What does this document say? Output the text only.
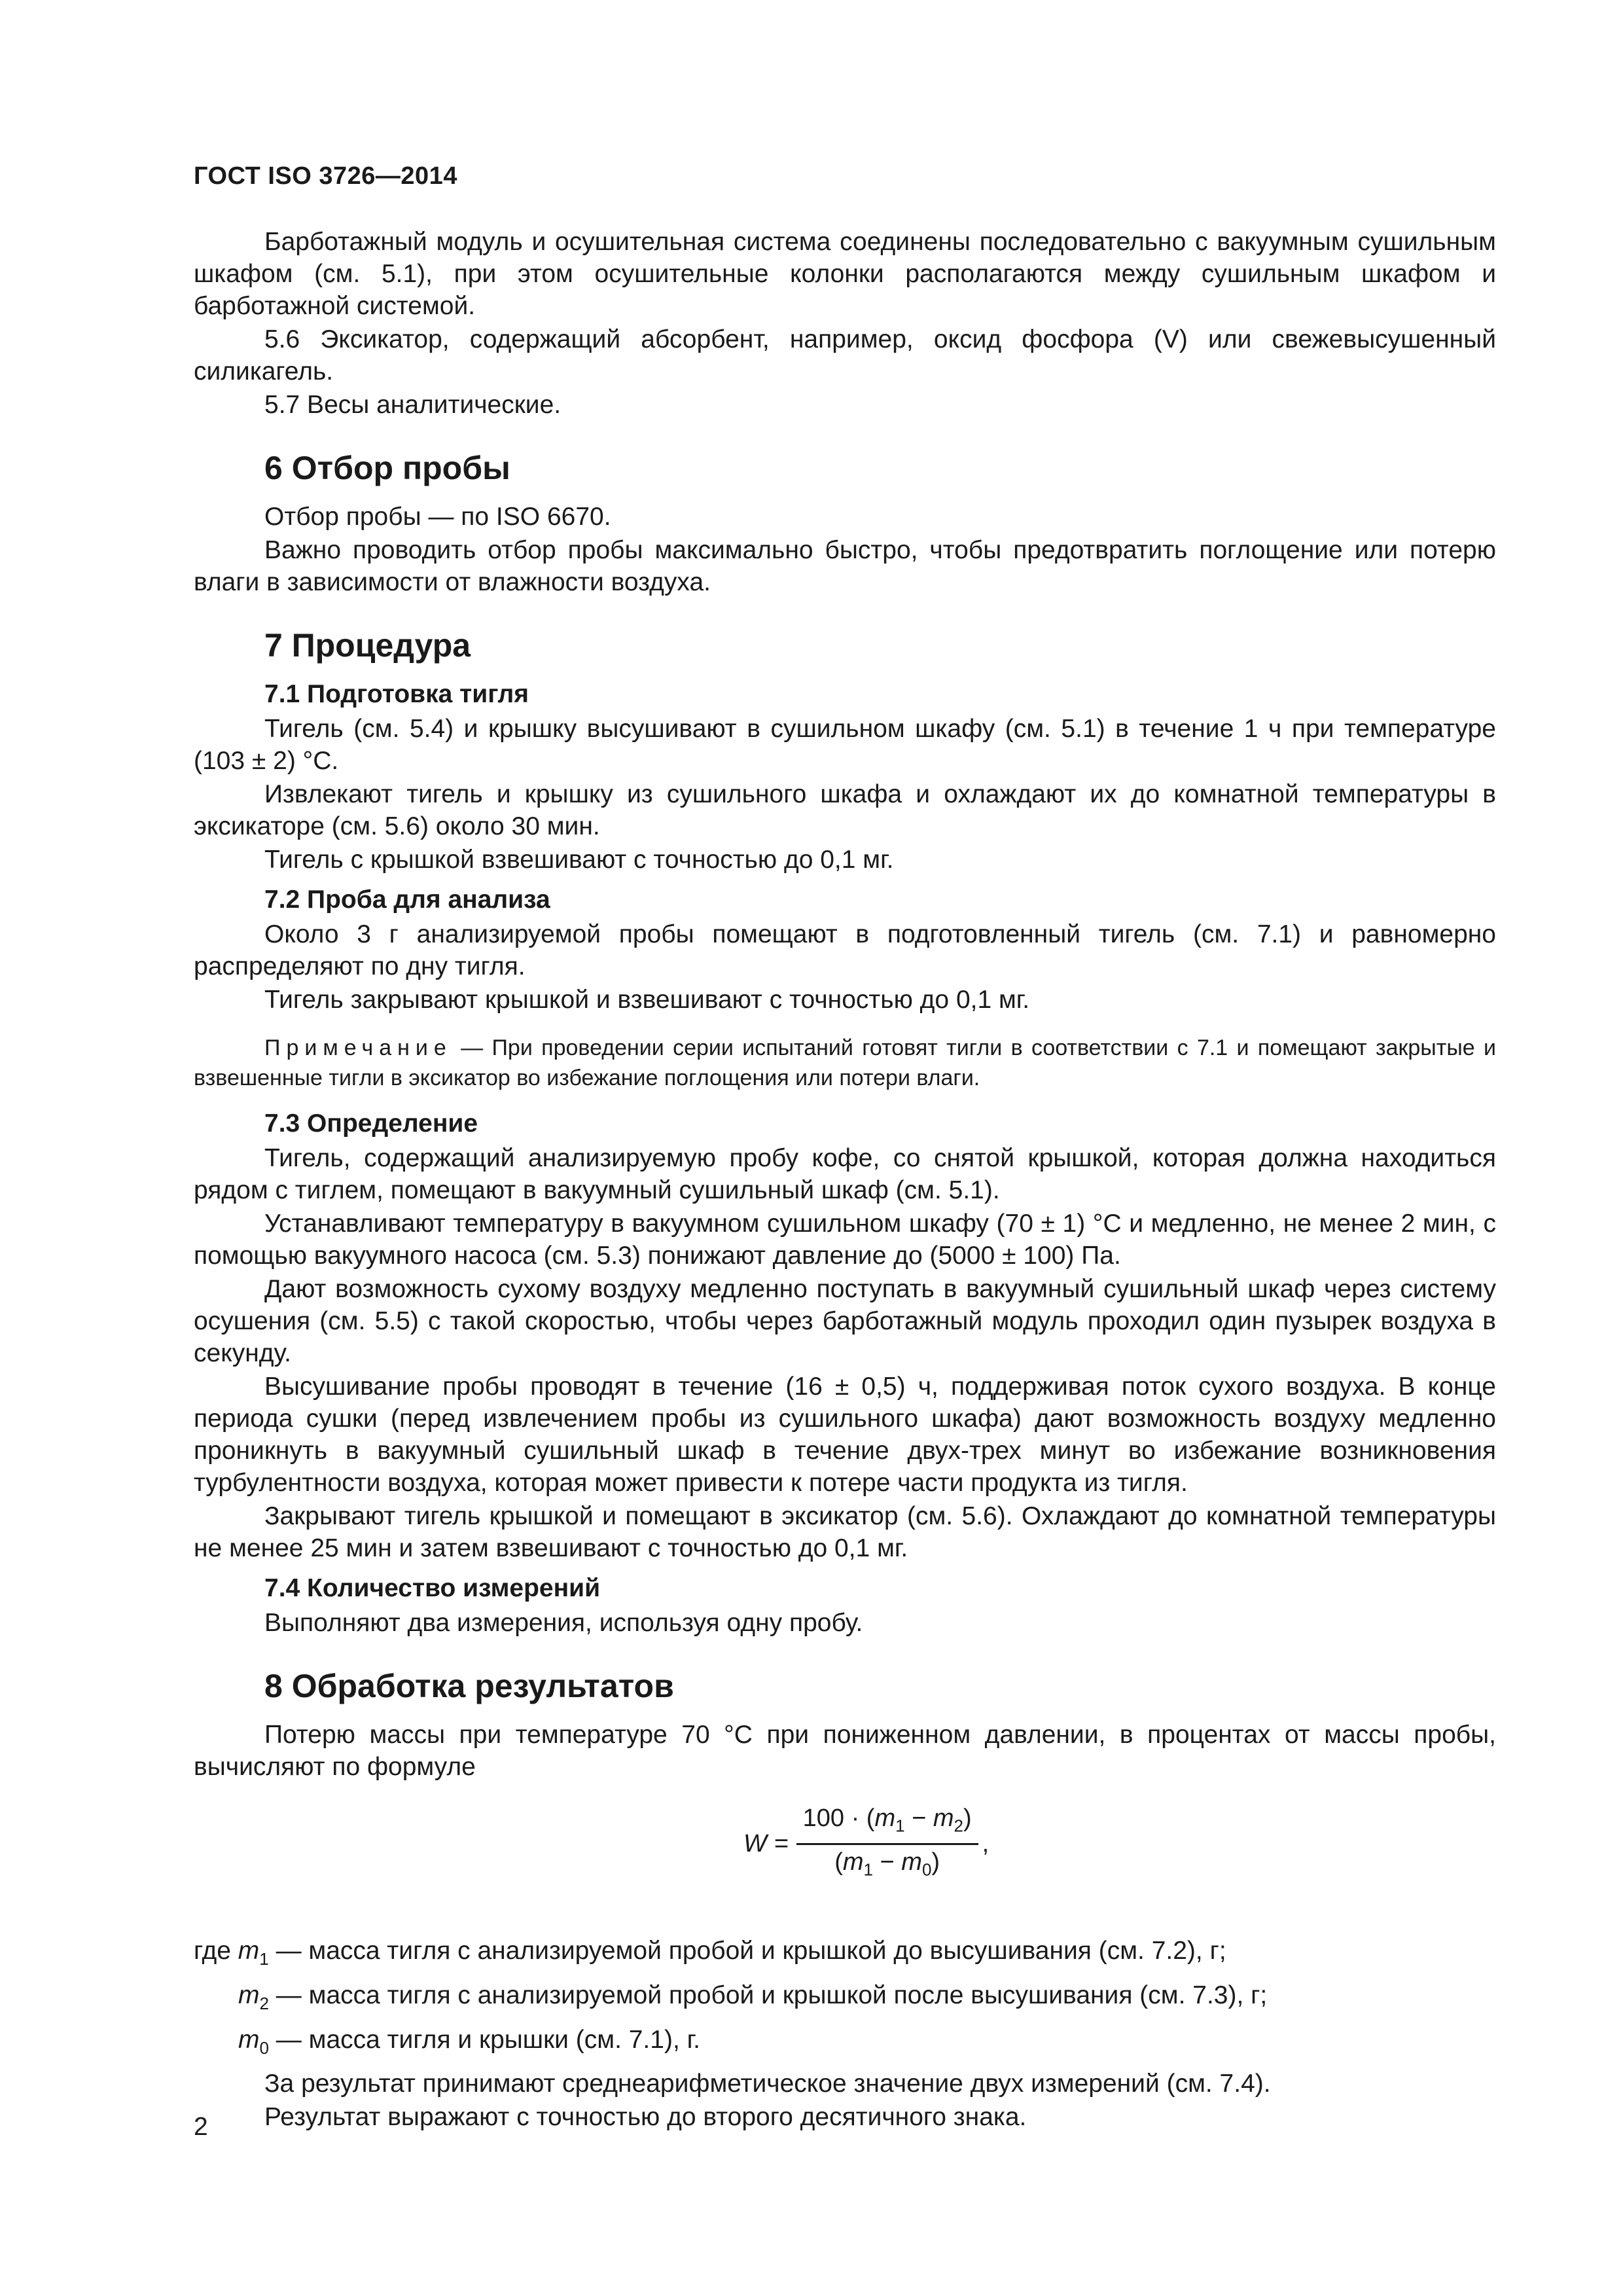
ГОСТ ISO 3726—2014

Барботажный модуль и осушительная система соединены последовательно с вакуумным сушильным шкафом (см. 5.1), при этом осушительные колонки располагаются между сушильным шкафом и барботажной системой.

5.6 Эксикатор, содержащий абсорбент, например, оксид фосфора (V) или свежевысушенный силикагель.

5.7 Весы аналитические.

6 Отбор пробы

Отбор пробы — по ISO 6670.

Важно проводить отбор пробы максимально быстро, чтобы предотвратить поглощение или потерю влаги в зависимости от влажности воздуха.

7 Процедура
7.1 Подготовка тигля

Тигель (см. 5.4) и крышку высушивают в сушильном шкафу (см. 5.1) в течение 1 ч при температуре (103 ± 2) °С.

Извлекают тигель и крышку из сушильного шкафа и охлаждают их до комнатной температуры в эксикаторе (см. 5.6) около 30 мин.

Тигель с крышкой взвешивают с точностью до 0,1 мг.

7.2 Проба для анализа

Около 3 г анализируемой пробы помещают в подготовленный тигель (см. 7.1) и равномерно распределяют по дну тигля.

Тигель закрывают крышкой и взвешивают с точностью до 0,1 мг.

Примечание — При проведении серии испытаний готовят тигли в соответствии с 7.1 и помещают закрытые и взвешенные тигли в эксикатор во избежание поглощения или потери влаги.

7.3 Определение

Тигель, содержащий анализируемую пробу кофе, со снятой крышкой, которая должна находиться рядом с тиглем, помещают в вакуумный сушильный шкаф (см. 5.1).

Устанавливают температуру в вакуумном сушильном шкафу (70 ± 1) °С и медленно, не менее 2 мин, с помощью вакуумного насоса (см. 5.3) понижают давление до (5000 ± 100) Па.

Дают возможность сухому воздуху медленно поступать в вакуумный сушильный шкаф через систему осушения (см. 5.5) с такой скоростью, чтобы через барботажный модуль проходил один пузырек воздуха в секунду.

Высушивание пробы проводят в течение (16 ± 0,5) ч, поддерживая поток сухого воздуха. В конце периода сушки (перед извлечением пробы из сушильного шкафа) дают возможность воздуху медленно проникнуть в вакуумный сушильный шкаф в течение двух-трех минут во избежание возникновения турбулентности воздуха, которая может привести к потере части продукта из тигля.

Закрывают тигель крышкой и помещают в эксикатор (см. 5.6). Охлаждают до комнатной температуры не менее 25 мин и затем взвешивают с точностью до 0,1 мг.

7.4 Количество измерений

Выполняют два измерения, используя одну пробу.

8 Обработка результатов

Потерю массы при температуре 70 °С при пониженном давлении, в процентах от массы пробы, вычисляют по формуле

$W = \frac{100 \cdot (m_1 - m_2)}{(m_1 - m_0)}$ ,
где $m_1$ — масса тигля с анализируемой пробой и крышкой до высушивания (см. 7.2), г;
$m_2$ — масса тигля с анализируемой пробой и крышкой после высушивания (см. 7.3), г;
$m_0$ — масса тигля и крышки (см. 7.1), г.

За результат принимают среднеарифметическое значение двух измерений (см. 7.4).

Результат выражают с точностью до второго десятичного знака.

2
